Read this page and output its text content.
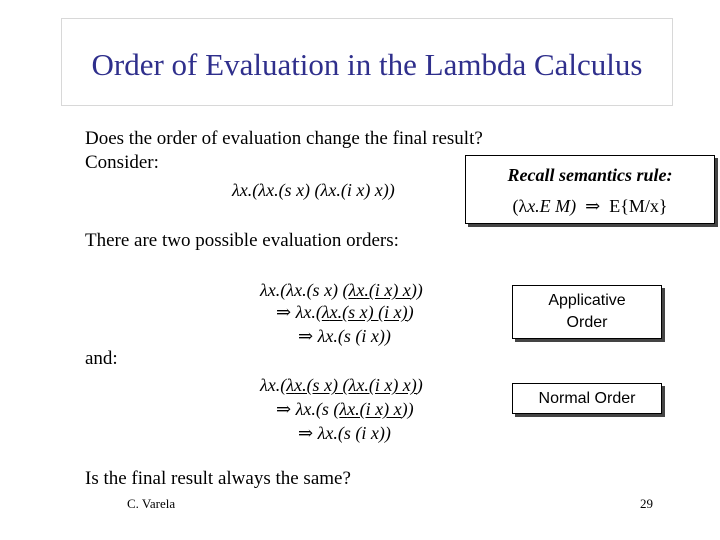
Order of Evaluation in the Lambda Calculus
Does the order of evaluation change the final result?
Consider:
λx.(λx.(s x) (λx.(i x) x))
Recall semantics rule:
(λx.E M) ⇒ E{M/x}
There are two possible evaluation orders:
λx.(λx.(s x) (λx.(i x) x))
⇒ λx.(λx.(s x) (i x))
⇒ λx.(s (i x))
Applicative
Order
and:
λx.(λx.(s x) (λx.(i x) x))
⇒ λx.(s (λx.(i x) x))
⇒ λx.(s (i x))
Normal Order
Is the final result always the same?
C. Varela	29
